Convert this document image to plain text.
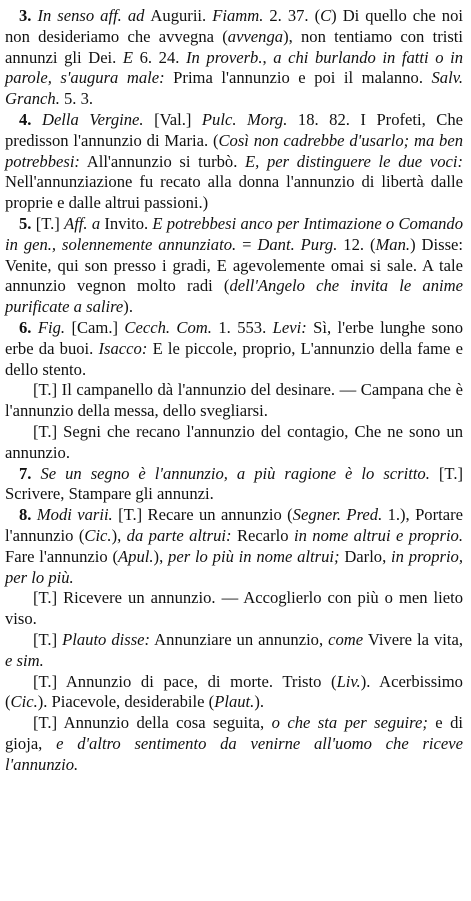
3. In senso aff. ad Augurii. Fiamm. 2. 37. (C) Di quello che noi non desideriamo che avvegna (avvenga), non tentiamo con tristi annunzi gli Dei. E 6. 24. In proverb., a chi burlando in fatti o in parole, s'augura male: Prima l'annunzio e poi il malanno. Salv. Granch. 5. 3.

4. Della Vergine. [Val.] Pulc. Morg. 18. 82. I Profeti, Che predisson l'annunzio di Maria. (Così non cadrebbe d'usarlo; ma ben potrebbesi: All'annunzio si turbò. E, per distinguere le due voci: Nell'annunziazione fu recato alla donna l'annunzio di libertà dalle proprie e dalle altrui passioni.)

5. [T.] Aff. a Invito. E potrebbesi anco per Intimazione o Comando in gen., solennemente annunziato. = Dant. Purg. 12. (Man.) Disse: Venite, qui son presso i gradi, E agevolemente omai si sale. A tale annunzio vegnon molto radi (dell'Angelo che invita le anime purificate a salire).

6. Fig. [Cam.] Cecch. Com. 1. 553. Levi: Sì, l'erbe lunghe sono erbe da buoi. Isacco: E le piccole, proprio, L'annunzio della fame e dello stento.

[T.] Il campanello dà l'annunzio del desinare. — Campana che è l'annunzio della messa, dello svegliarsi.

[T.] Segni che recano l'annunzio del contagio, Che ne sono un annunzio.

7. Se un segno è l'annunzio, a più ragione è lo scritto. [T.] Scrivere, Stampare gli annunzi.

8. Modi varii. [T.] Recare un annunzio (Segner. Pred. 1.), Portare l'annunzio (Cic.), da parte altrui: Recarlo in nome altrui e proprio. Fare l'annunzio (Apul.), per lo più in nome altrui; Darlo, in proprio, per lo più.

[T.] Ricevere un annunzio. — Accoglierlo con più o men lieto viso.

[T.] Plauto disse: Annunziare un annunzio, come Vivere la vita, e sim.

[T.] Annunzio di pace, di morte. Tristo (Liv.). Acerbissimo (Cic.). Piacevole, desiderabile (Plaut.).

[T.] Annunzio della cosa seguita, o che sta per seguire; e di gioja, e d'altro sentimento da venirne all'uomo che riceve l'annunzio.
